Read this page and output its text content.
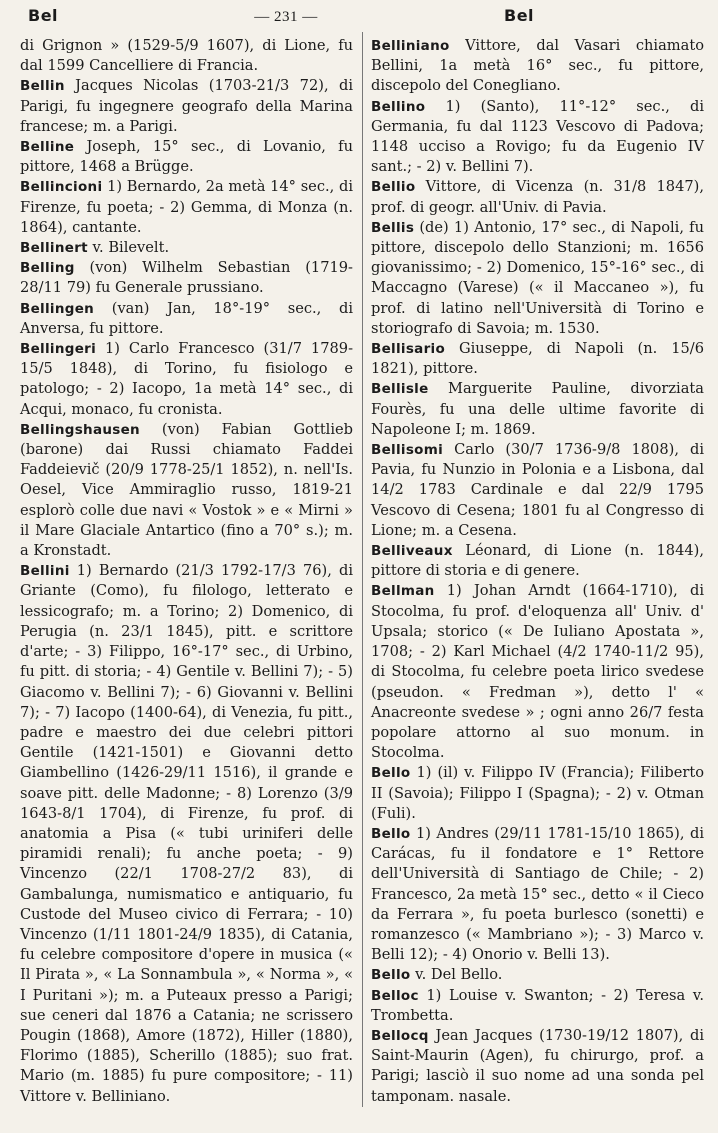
Bel	— 231 —	Bel

di Grignon » (1529-5/9 1607), di Lione, fu dal 1599 Cancelliere di Francia.

Bellin Jacques Nicolas (1703-21/3 72), di Parigi, fu ingegnere geografo della Marina francese; m. a Parigi.

Belline Joseph, 15° sec., di Lovanio, fu pittore, 1468 a Brügge.

Bellincioni 1) Bernardo, 2a metà 14° sec., di Firenze, fu poeta; - 2) Gemma, di Monza (n. 1864), cantante.

Bellinert v. Bilevelt.

Belling (von) Wilhelm Sebastian (1719-28/11 79) fu Generale prussiano.

Bellingen (van) Jan, 18°-19° sec., di Anversa, fu pittore.

Bellingeri 1) Carlo Francesco (31/7 1789-15/5 1848), di Torino, fu fisiologo e patologo; - 2) Iacopo, 1a metà 14° sec., di Acqui, monaco, fu cronista.

Bellingshausen (von) Fabian Gottlieb (barone) dai Russi chiamato Faddei Faddeievič (20/9 1778-25/1 1852), n. nell'Is. Oesel, Vice Ammiraglio russo, 1819-21 esplorò colle due navi « Vostok » e « Mirni » il Mare Glaciale Antartico (fino a 70° s.); m. a Kronstadt.

Bellini 1) Bernardo (21/3 1792-17/3 76), di Griante (Como), fu filologo, letterato e lessicografo; m. a Torino; 2) Domenico, di Perugia (n. 23/1 1845), pitt. e scrittore d'arte; - 3) Filippo, 16°-17° sec., di Urbino, fu pitt. di storia; - 4) Gentile v. Bellini 7); - 5) Giacomo v. Bellini 7); - 6) Giovanni v. Bellini 7); - 7) Iacopo (1400-64), di Venezia, fu pitt., padre e maestro dei due celebri pittori Gentile (1421-1501) e Giovanni detto Giambellino (1426-29/11 1516), il grande e soave pitt. delle Madonne; - 8) Lorenzo (3/9 1643-8/1 1704), di Firenze, fu prof. di anatomia a Pisa (« tubi uriniferi delle piramidi renali); fu anche poeta; - 9) Vincenzo (22/1 1708-27/2 83), di Gambalunga, numismatico e antiquario, fu Custode del Museo civico di Ferrara; - 10) Vincenzo (1/11 1801-24/9 1835), di Catania, fu celebre compositore d'opere in musica (« Il Pirata », « La Sonnambula », « Norma », « I Puritani »); m. a Puteaux presso a Parigi; sue ceneri dal 1876 a Catania; ne scrissero Pougin (1868), Amore (1872), Hiller (1880), Florimo (1885), Scherillo (1885); suo frat. Mario (m. 1885) fu pure compositore; - 11) Vittore v. Belliniano.

Belliniano Vittore, dal Vasari chiamato Bellini, 1a metà 16° sec., fu pittore, discepolo del Conegliano.

Bellino 1) (Santo), 11°-12° sec., di Germania, fu dal 1123 Vescovo di Padova; 1148 ucciso a Rovigo; fu da Eugenio IV sant.; - 2) v. Bellini 7).

Bellio Vittore, di Vicenza (n. 31/8 1847), prof. di geogr. all'Univ. di Pavia.

Bellis (de) 1) Antonio, 17° sec., di Napoli, fu pittore, discepolo dello Stanzioni; m. 1656 giovanissimo; - 2) Domenico, 15°-16° sec., di Maccagno (Varese) (« il Maccaneo »), fu prof. di latino nell'Università di Torino e storiografo di Savoia; m. 1530.

Bellisario Giuseppe, di Napoli (n. 15/6 1821), pittore.

Bellisle Marguerite Pauline, divorziata Fourès, fu una delle ultime favorite di Napoleone I; m. 1869.

Bellisomi Carlo (30/7 1736-9/8 1808), di Pavia, fu Nunzio in Polonia e a Lisbona, dal 14/2 1783 Cardinale e dal 22/9 1795 Vescovo di Cesena; 1801 fu al Congresso di Lione; m. a Cesena.

Belliveaux Léonard, di Lione (n. 1844), pittore di storia e di genere.

Bellman 1) Johan Arndt (1664-1710), di Stocolma, fu prof. d'eloquenza all' Univ. d' Upsala; storico (« De Iuliano Apostata », 1708; - 2) Karl Michael (4/2 1740-11/2 95), di Stocolma, fu celebre poeta lirico svedese (pseudon. « Fredman »), detto l' « Anacreonte svedese » ; ogni anno 26/7 festa popolare attorno al suo monum. in Stocolma.

Bello 1) (il) v. Filippo IV (Francia); Filiberto II (Savoia); Filippo I (Spagna); - 2) v. Otman (Fuli).

Bello 1) Andres (29/11 1781-15/10 1865), di Carácas, fu il fondatore e 1° Rettore dell'Università di Santiago de Chile; - 2) Francesco, 2a metà 15° sec., detto « il Cieco da Ferrara », fu poeta burlesco (sonetti) e romanzesco (« Mambriano »); - 3) Marco v. Belli 12); - 4) Onorio v. Belli 13).

Bello v. Del Bello.

Belloc 1) Louise v. Swanton; - 2) Teresa v. Trombetta.

Bellocq Jean Jacques (1730-19/12 1807), di Saint-Maurin (Agen), fu chirurgo, prof. a Parigi; lasciò il suo nome ad una sonda pel tamponam. nasale.
